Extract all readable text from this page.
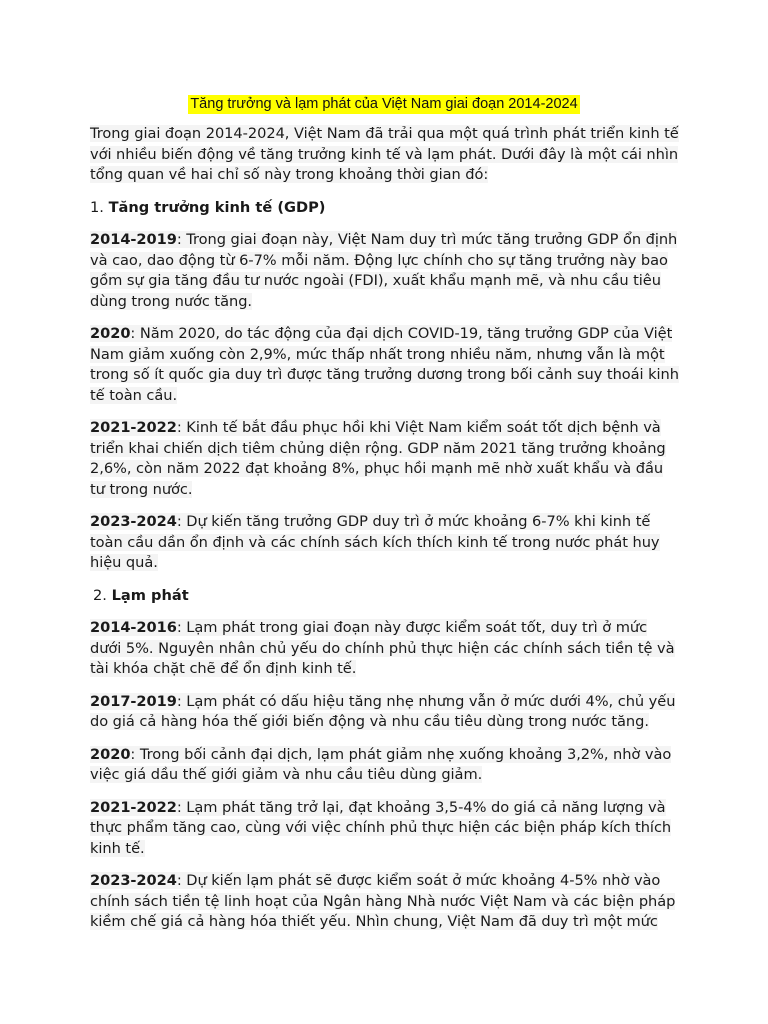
Tăng trưởng và lạm phát của Việt Nam giai đoạn 2014-2024

Trong giai đoạn 2014-2024, Việt Nam đã trải qua một quá trình phát triển kinh tế với nhiều biến động về tăng trưởng kinh tế và lạm phát. Dưới đây là một cái nhìn tổng quan về hai chỉ số này trong khoảng thời gian đó:

1. Tăng trưởng kinh tế (GDP)

2014-2019: Trong giai đoạn này, Việt Nam duy trì mức tăng trưởng GDP ổn định và cao, dao động từ 6-7% mỗi năm. Động lực chính cho sự tăng trưởng này bao gồm sự gia tăng đầu tư nước ngoài (FDI), xuất khẩu mạnh mẽ, và nhu cầu tiêu dùng trong nước tăng.

2020: Năm 2020, do tác động của đại dịch COVID-19, tăng trưởng GDP của Việt Nam giảm xuống còn 2,9%, mức thấp nhất trong nhiều năm, nhưng vẫn là một trong số ít quốc gia duy trì được tăng trưởng dương trong bối cảnh suy thoái kinh tế toàn cầu.

2021-2022: Kinh tế bắt đầu phục hồi khi Việt Nam kiểm soát tốt dịch bệnh và triển khai chiến dịch tiêm chủng diện rộng. GDP năm 2021 tăng trưởng khoảng 2,6%, còn năm 2022 đạt khoảng 8%, phục hồi mạnh mẽ nhờ xuất khẩu và đầu tư trong nước.

2023-2024: Dự kiến tăng trưởng GDP duy trì ở mức khoảng 6-7% khi kinh tế toàn cầu dần ổn định và các chính sách kích thích kinh tế trong nước phát huy hiệu quả.

2. Lạm phát

2014-2016: Lạm phát trong giai đoạn này được kiểm soát tốt, duy trì ở mức dưới 5%. Nguyên nhân chủ yếu do chính phủ thực hiện các chính sách tiền tệ và tài khóa chặt chẽ để ổn định kinh tế.

2017-2019: Lạm phát có dấu hiệu tăng nhẹ nhưng vẫn ở mức dưới 4%, chủ yếu do giá cả hàng hóa thế giới biến động và nhu cầu tiêu dùng trong nước tăng.

2020: Trong bối cảnh đại dịch, lạm phát giảm nhẹ xuống khoảng 3,2%, nhờ vào việc giá dầu thế giới giảm và nhu cầu tiêu dùng giảm.

2021-2022: Lạm phát tăng trở lại, đạt khoảng 3,5-4% do giá cả năng lượng và thực phẩm tăng cao, cùng với việc chính phủ thực hiện các biện pháp kích thích kinh tế.

2023-2024: Dự kiến lạm phát sẽ được kiểm soát ở mức khoảng 4-5% nhờ vào chính sách tiền tệ linh hoạt của Ngân hàng Nhà nước Việt Nam và các biện pháp kiềm chế giá cả hàng hóa thiết yếu. Nhìn chung, Việt Nam đã duy trì một mức
